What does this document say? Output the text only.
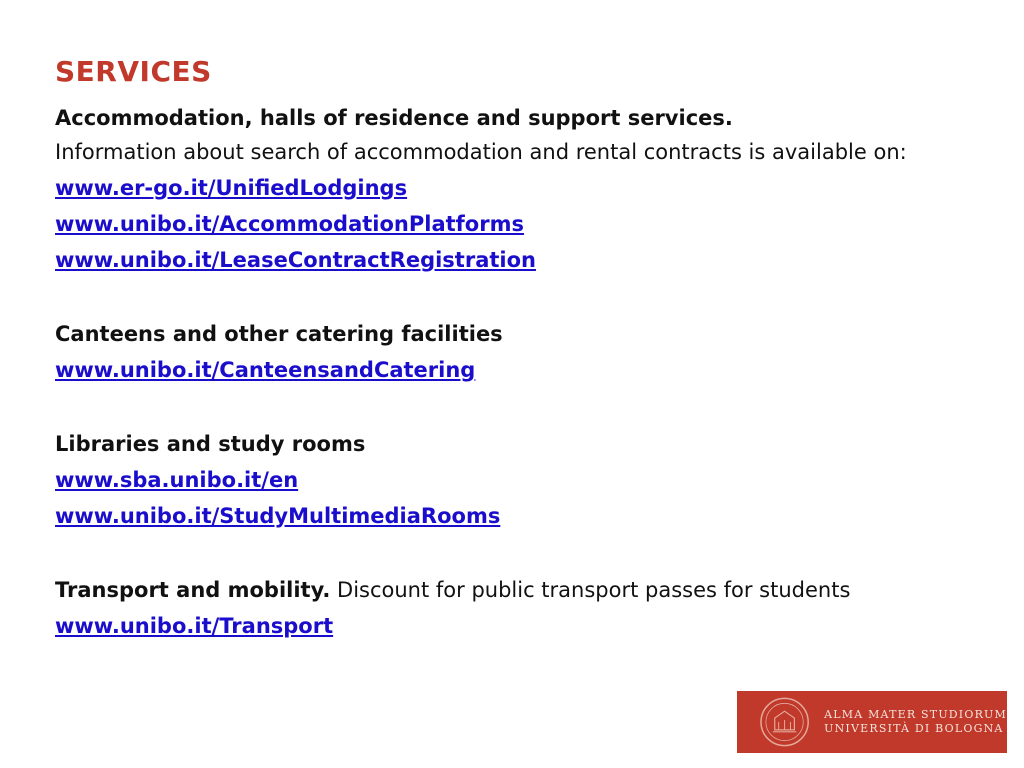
SERVICES

Accommodation, halls of residence and support services.

Information about search of accommodation and rental contracts is available on:

www.er-go.it/UnifiedLodgings

www.unibo.it/AccommodationPlatforms

www.unibo.it/LeaseContractRegistration

Canteens and other catering facilities

www.unibo.it/CanteensandCatering

Libraries and study rooms

www.sba.unibo.it/en

www.unibo.it/StudyMultimediaRooms

Transport and mobility. Discount for public transport passes for students

www.unibo.it/Transport

ALMA MATER STUDIORUM
UNIVERSITÀ DI BOLOGNA
